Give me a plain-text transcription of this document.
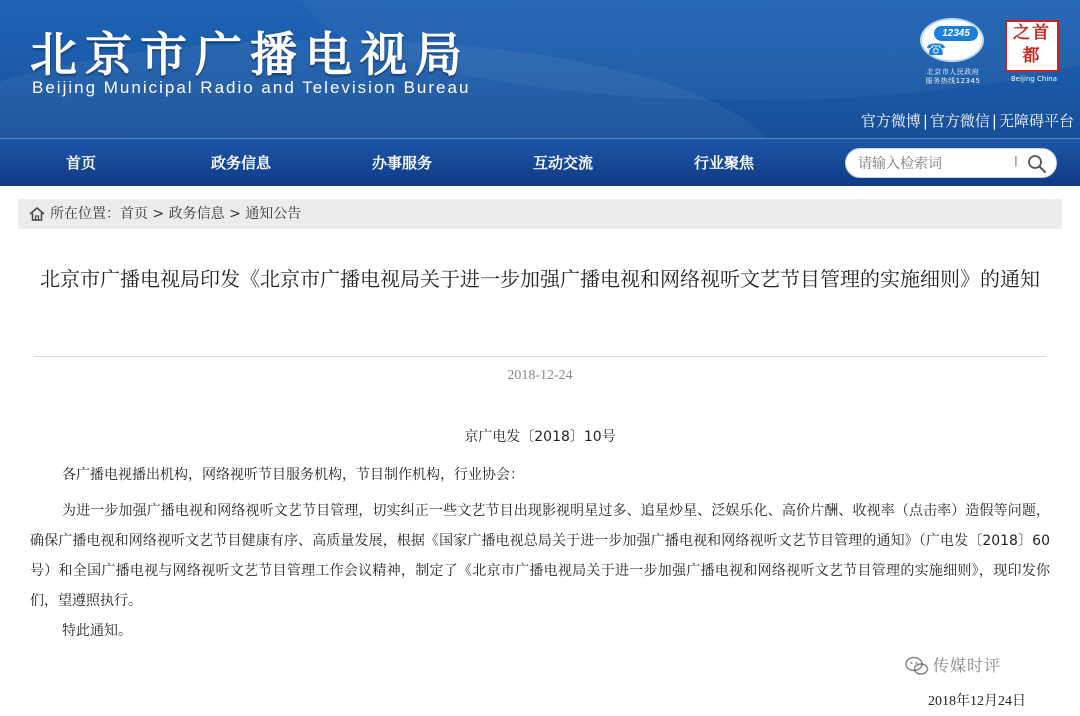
北京市广播电视局
Beijing Municipal Radio and Television Bureau
12345
☎
北京市人民政府
服务热线12345
之首都
Beijing China
官方微博 | 官方微信 | 无障碍平台
首页	政务信息	办事服务	互动交流	行业聚焦
请输入检索词	I
所在位置：首页 > 政务信息 > 通知公告
北京市广播电视局印发《北京市广播电视局关于进一步加强广播电视和网络视听文艺节目管理的实施细则》的通知
2018-12-24
京广电发〔2018〕10号
各广播电视播出机构，网络视听节目服务机构，节目制作机构，行业协会：
为进一步加强广播电视和网络视听文艺节目管理，切实纠正一些文艺节目出现影视明星过多、追星炒星、泛娱乐化、高价片酬、收视率（点击率）造假等问题，确保广播电视和网络视听文艺节目健康有序、高质量发展，根据《国家广播电视总局关于进一步加强广播电视和网络视听文艺节目管理的通知》（广电发〔2018〕60号）和全国广播电视与网络视听文艺节目管理工作会议精神，制定了《北京市广播电视局关于进一步加强广播电视和网络视听文艺节目管理的实施细则》，现印发你们，望遵照执行。
特此通知。
传媒时评
2018年12月24日
